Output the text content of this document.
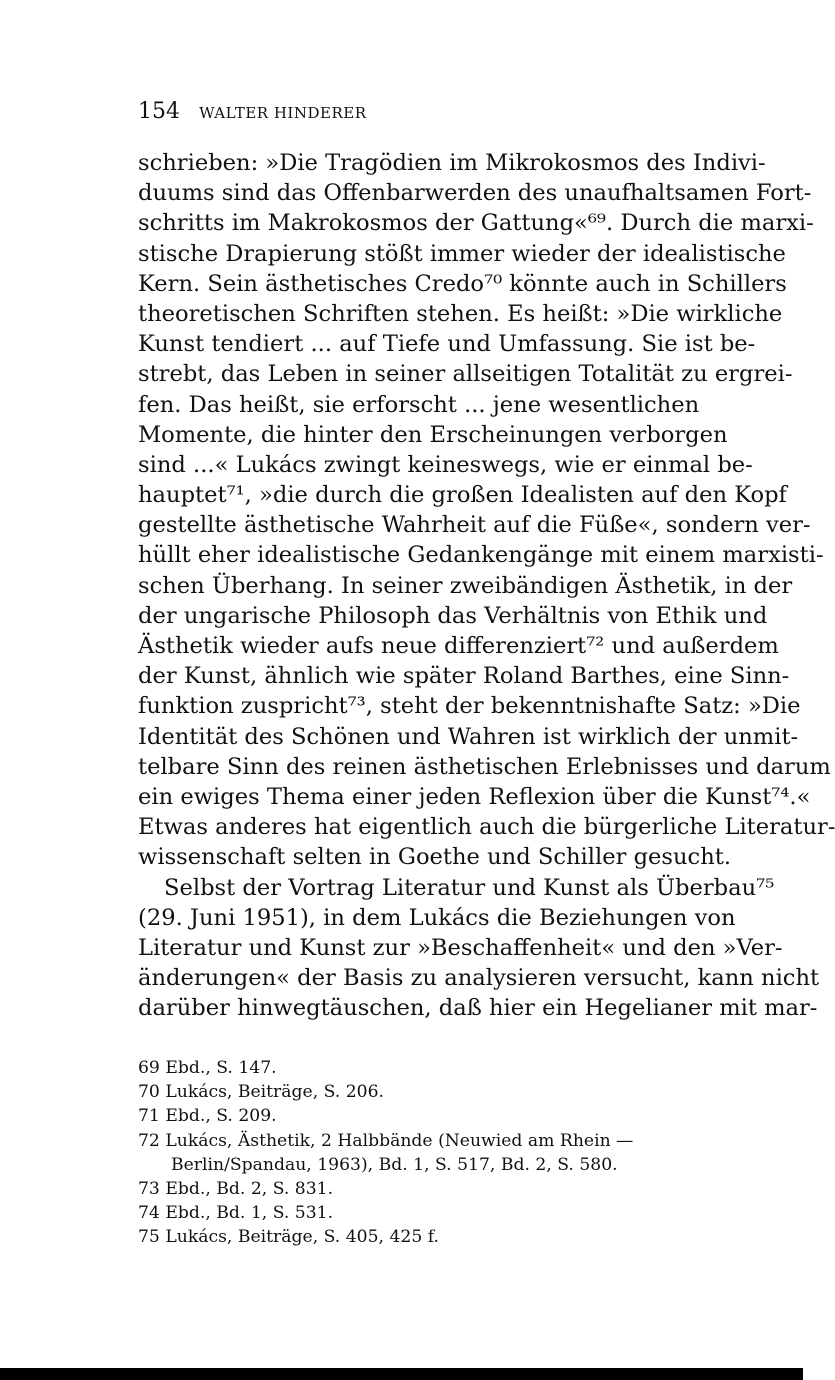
154 WALTER HINDERER
schrieben: »Die Tragödien im Mikrokosmos des Indivi-
duums sind das Offenbarwerden des unaufhaltsamen Fort-
schritts im Makrokosmos der Gattung«⁶⁹. Durch die marxi-
stische Drapierung stößt immer wieder der idealistische
Kern. Sein ästhetisches Credo⁷⁰ könnte auch in Schillers
theoretischen Schriften stehen. Es heißt: »Die wirkliche
Kunst tendiert ... auf Tiefe und Umfassung. Sie ist be-
strebt, das Leben in seiner allseitigen Totalität zu ergrei-
fen. Das heißt, sie erforscht ... jene wesentlichen
Momente, die hinter den Erscheinungen verborgen
sind ...« Lukács zwingt keineswegs, wie er einmal be-
hauptet⁷¹, »die durch die großen Idealisten auf den Kopf
gestellte ästhetische Wahrheit auf die Füße«, sondern ver-
hüllt eher idealistische Gedankengänge mit einem marxisti-
schen Überhang. In seiner zweibändigen Ästhetik, in der
der ungarische Philosoph das Verhältnis von Ethik und
Ästhetik wieder aufs neue differenziert⁷² und außerdem
der Kunst, ähnlich wie später Roland Barthes, eine Sinn-
funktion zuspricht⁷³, steht der bekenntnishafte Satz: »Die
Identität des Schönen und Wahren ist wirklich der unmit-
telbare Sinn des reinen ästhetischen Erlebnisses und darum
ein ewiges Thema einer jeden Reflexion über die Kunst⁷⁴.«
Etwas anderes hat eigentlich auch die bürgerliche Literatur-
wissenschaft selten in Goethe und Schiller gesucht.
Selbst der Vortrag Literatur und Kunst als Überbau⁷⁵
(29. Juni 1951), in dem Lukács die Beziehungen von
Literatur und Kunst zur »Beschaffenheit« und den »Ver-
änderungen« der Basis zu analysieren versucht, kann nicht
darüber hinwegtäuschen, daß hier ein Hegelianer mit mar-
69 Ebd., S. 147.
70 Lukács, Beiträge, S. 206.
71 Ebd., S. 209.
72 Lukács, Ästhetik, 2 Halbbände (Neuwied am Rhein —
Berlin/Spandau, 1963), Bd. 1, S. 517, Bd. 2, S. 580.
73 Ebd., Bd. 2, S. 831.
74 Ebd., Bd. 1, S. 531.
75 Lukács, Beiträge, S. 405, 425 f.
